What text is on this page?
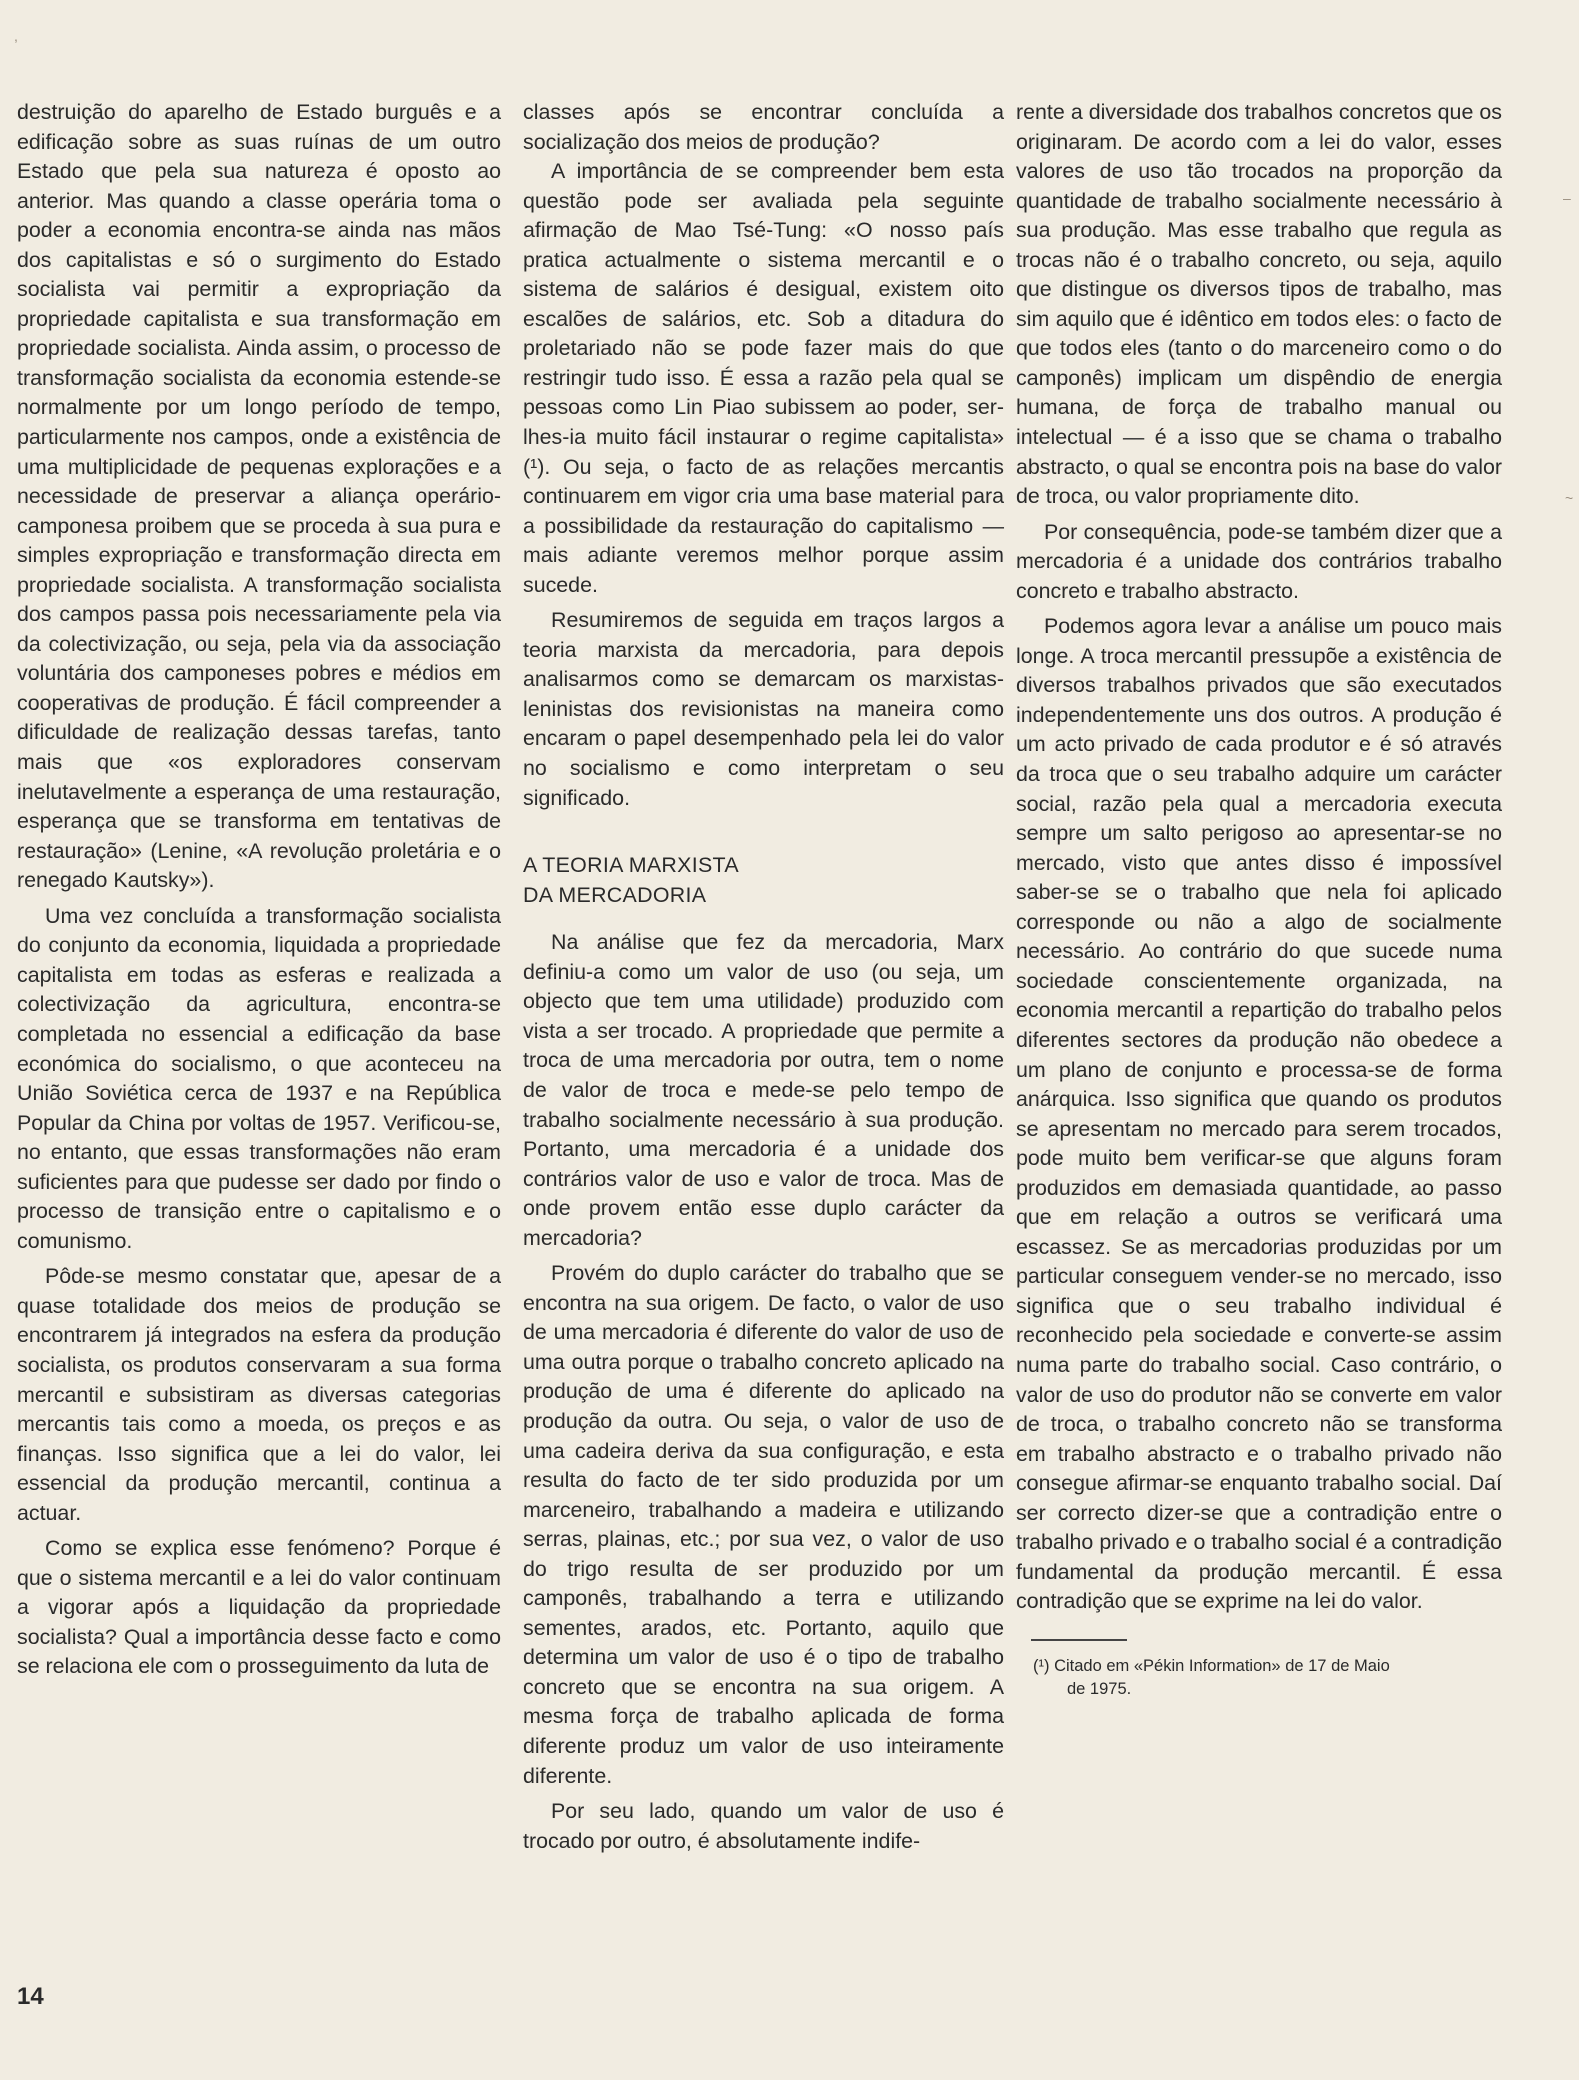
,
–
~

destruição do aparelho de Estado burguês e a edificação sobre as suas ruínas de um outro Estado que pela sua natureza é oposto ao anterior. Mas quando a classe operária toma o poder a economia encontra-se ainda nas mãos dos capitalistas e só o surgimento do Estado socialista vai permitir a expropriação da propriedade capitalista e sua transformação em propriedade socialista. Ainda assim, o processo de transformação socialista da economia estende-se normalmente por um longo período de tempo, particularmente nos campos, onde a existência de uma multiplicidade de pequenas explorações e a necessidade de preservar a aliança operário-camponesa proibem que se proceda à sua pura e simples expropriação e transformação directa em propriedade socialista. A transformação socialista dos campos passa pois necessariamente pela via da colectivização, ou seja, pela via da associação voluntária dos camponeses pobres e médios em cooperativas de produção. É fácil compreender a dificuldade de realização dessas tarefas, tanto mais que «os exploradores conservam inelutavelmente a esperança de uma restauração, esperança que se transforma em tentativas de restauração» (Lenine, «A revolução proletária e o renegado Kautsky»).

Uma vez concluída a transformação socialista do conjunto da economia, liquidada a propriedade capitalista em todas as esferas e realizada a colectivização da agricultura, encontra-se completada no essencial a edificação da base económica do socialismo, o que aconteceu na União Soviética cerca de 1937 e na República Popular da China por voltas de 1957. Verificou-se, no entanto, que essas transformações não eram suficientes para que pudesse ser dado por findo o processo de transição entre o capitalismo e o comunismo.

Pôde-se mesmo constatar que, apesar de a quase totalidade dos meios de produção se encontrarem já integrados na esfera da produção socialista, os produtos conservaram a sua forma mercantil e subsistiram as diversas categorias mercantis tais como a moeda, os preços e as finanças. Isso significa que a lei do valor, lei essencial da produção mercantil, continua a actuar.

Como se explica esse fenómeno? Porque é que o sistema mercantil e a lei do valor continuam a vigorar após a liquidação da propriedade socialista? Qual a importância desse facto e como se relaciona ele com o prosseguimento da luta de

classes após se encontrar concluída a socialização dos meios de produção?

A importância de se compreender bem esta questão pode ser avaliada pela seguinte afirmação de Mao Tsé-Tung: «O nosso país pratica actualmente o sistema mercantil e o sistema de salários é desigual, existem oito escalões de salários, etc. Sob a ditadura do proletariado não se pode fazer mais do que restringir tudo isso. É essa a razão pela qual se pessoas como Lin Piao subissem ao poder, ser-lhes-ia muito fácil instaurar o regime capitalista» (¹). Ou seja, o facto de as relações mercantis continuarem em vigor cria uma base material para a possibilidade da restauração do capitalismo — mais adiante veremos melhor porque assim sucede.

Resumiremos de seguida em traços largos a teoria marxista da mercadoria, para depois analisarmos como se demarcam os marxistas-leninistas dos revisionistas na maneira como encaram o papel desempenhado pela lei do valor no socialismo e como interpretam o seu significado.

A TEORIA MARXISTA
DA MERCADORIA

Na análise que fez da mercadoria, Marx definiu-a como um valor de uso (ou seja, um objecto que tem uma utilidade) produzido com vista a ser trocado. A propriedade que permite a troca de uma mercadoria por outra, tem o nome de valor de troca e mede-se pelo tempo de trabalho socialmente necessário à sua produção. Portanto, uma mercadoria é a unidade dos contrários valor de uso e valor de troca. Mas de onde provem então esse duplo carácter da mercadoria?

Provém do duplo carácter do trabalho que se encontra na sua origem. De facto, o valor de uso de uma mercadoria é diferente do valor de uso de uma outra porque o trabalho concreto aplicado na produção de uma é diferente do aplicado na produção da outra. Ou seja, o valor de uso de uma cadeira deriva da sua configuração, e esta resulta do facto de ter sido produzida por um marceneiro, trabalhando a madeira e utilizando serras, plainas, etc.; por sua vez, o valor de uso do trigo resulta de ser produzido por um camponês, trabalhando a terra e utilizando sementes, arados, etc. Portanto, aquilo que determina um valor de uso é o tipo de trabalho concreto que se encontra na sua origem. A mesma força de trabalho aplicada de forma diferente produz um valor de uso inteiramente diferente.

Por seu lado, quando um valor de uso é trocado por outro, é absolutamente indife-

rente a diversidade dos trabalhos concretos que os originaram. De acordo com a lei do valor, esses valores de uso tão trocados na proporção da quantidade de trabalho socialmente necessário à sua produção. Mas esse trabalho que regula as trocas não é o trabalho concreto, ou seja, aquilo que distingue os diversos tipos de trabalho, mas sim aquilo que é idêntico em todos eles: o facto de que todos eles (tanto o do marceneiro como o do camponês) implicam um dispêndio de energia humana, de força de trabalho manual ou intelectual — é a isso que se chama o trabalho abstracto, o qual se encontra pois na base do valor de troca, ou valor propriamente dito.

Por consequência, pode-se também dizer que a mercadoria é a unidade dos contrários trabalho concreto e trabalho abstracto.

Podemos agora levar a análise um pouco mais longe. A troca mercantil pressupõe a existência de diversos trabalhos privados que são executados independentemente uns dos outros. A produção é um acto privado de cada produtor e é só através da troca que o seu trabalho adquire um carácter social, razão pela qual a mercadoria executa sempre um salto perigoso ao apresentar-se no mercado, visto que antes disso é impossível saber-se se o trabalho que nela foi aplicado corresponde ou não a algo de socialmente necessário. Ao contrário do que sucede numa sociedade conscientemente organizada, na economia mercantil a repartição do trabalho pelos diferentes sectores da produção não obedece a um plano de conjunto e processa-se de forma anárquica. Isso significa que quando os produtos se apresentam no mercado para serem trocados, pode muito bem verificar-se que alguns foram produzidos em demasiada quantidade, ao passo que em relação a outros se verificará uma escassez. Se as mercadorias produzidas por um particular conseguem vender-se no mercado, isso significa que o seu trabalho individual é reconhecido pela sociedade e converte-se assim numa parte do trabalho social. Caso contrário, o valor de uso do produtor não se converte em valor de troca, o trabalho concreto não se transforma em trabalho abstracto e o trabalho privado não consegue afirmar-se enquanto trabalho social. Daí ser correcto dizer-se que a contradição entre o trabalho privado e o trabalho social é a contradição fundamental da produção mercantil. É essa contradição que se exprime na lei do valor.

(¹) Citado em «Pékin Information» de 17 de Maio
de 1975.

14
